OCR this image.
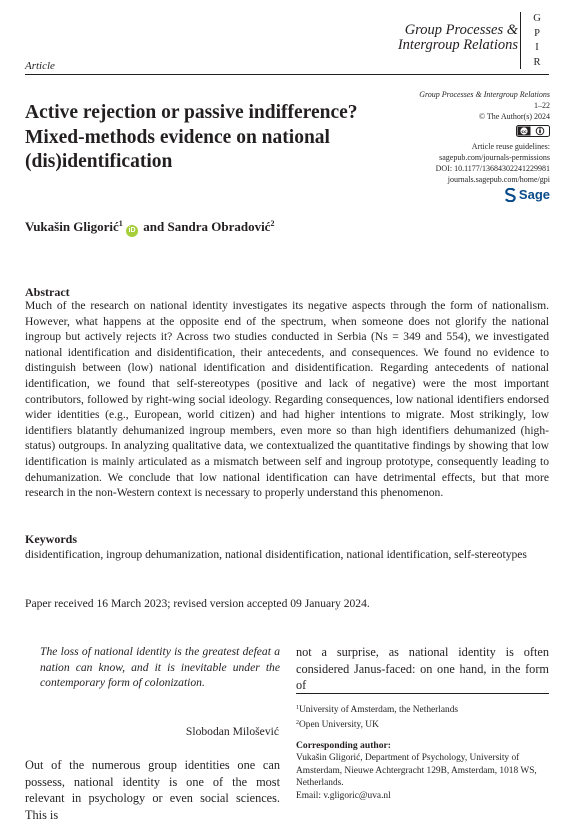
Group Processes &
Intergroup Relations
G
P
I
R
Article
Group Processes & Intergroup Relations
1–22
© The Author(s) 2024
cc
Article reuse guidelines:
sagepub.com/journals-permissions
DOI: 10.1177/13684302241229981
journals.sagepub.com/home/gpi
Sage
Active rejection or passive indifference? Mixed-methods evidence on national (dis)identification
Vukašin Gligorić$^1$ iD and Sandra Obradović$^2$
Abstract
Much of the research on national identity investigates its negative aspects through the form of nationalism. However, what happens at the opposite end of the spectrum, when someone does not glorify the national ingroup but actively rejects it? Across two studies conducted in Serbia (Ns = 349 and 554), we investigated national identification and disidentification, their antecedents, and consequences. We found no evidence to distinguish between (low) national identification and disidentification. Regarding antecedents of national identification, we found that self-stereotypes (positive and lack of negative) were the most important contributors, followed by right-wing social ideology. Regarding consequences, low national identifiers endorsed wider identities (e.g., European, world citizen) and had higher intentions to migrate. Most strikingly, low identifiers blatantly dehumanized ingroup members, even more so than high identifiers dehumanized (high-status) outgroups. In analyzing qualitative data, we contextualized the quantitative findings by showing that low identification is mainly articulated as a mismatch between self and ingroup prototype, consequently leading to dehumanization. We conclude that low national identification can have detrimental effects, but that more research in the non-Western context is necessary to properly understand this phenomenon.
Keywords
disidentification, ingroup dehumanization, national disidentification, national identification, self-stereotypes
Paper received 16 March 2023; revised version accepted 09 January 2024.
The loss of national identity is the greatest defeat a nation can know, and it is inevitable under the contemporary form of colonization.
Slobodan Milošević
Out of the numerous group identities one can possess, national identity is one of the most relevant in psychology or even social sciences. This is
not a surprise, as national identity is often considered Janus-faced: on one hand, in the form of
$^1$University of Amsterdam, the Netherlands
$^2$Open University, UK
Corresponding author:
Vukašin Gligorić, Department of Psychology, University of Amsterdam, Nieuwe Achtergracht 129B, Amsterdam, 1018 WS, Netherlands.
Email: v.gligoric@uva.nl
